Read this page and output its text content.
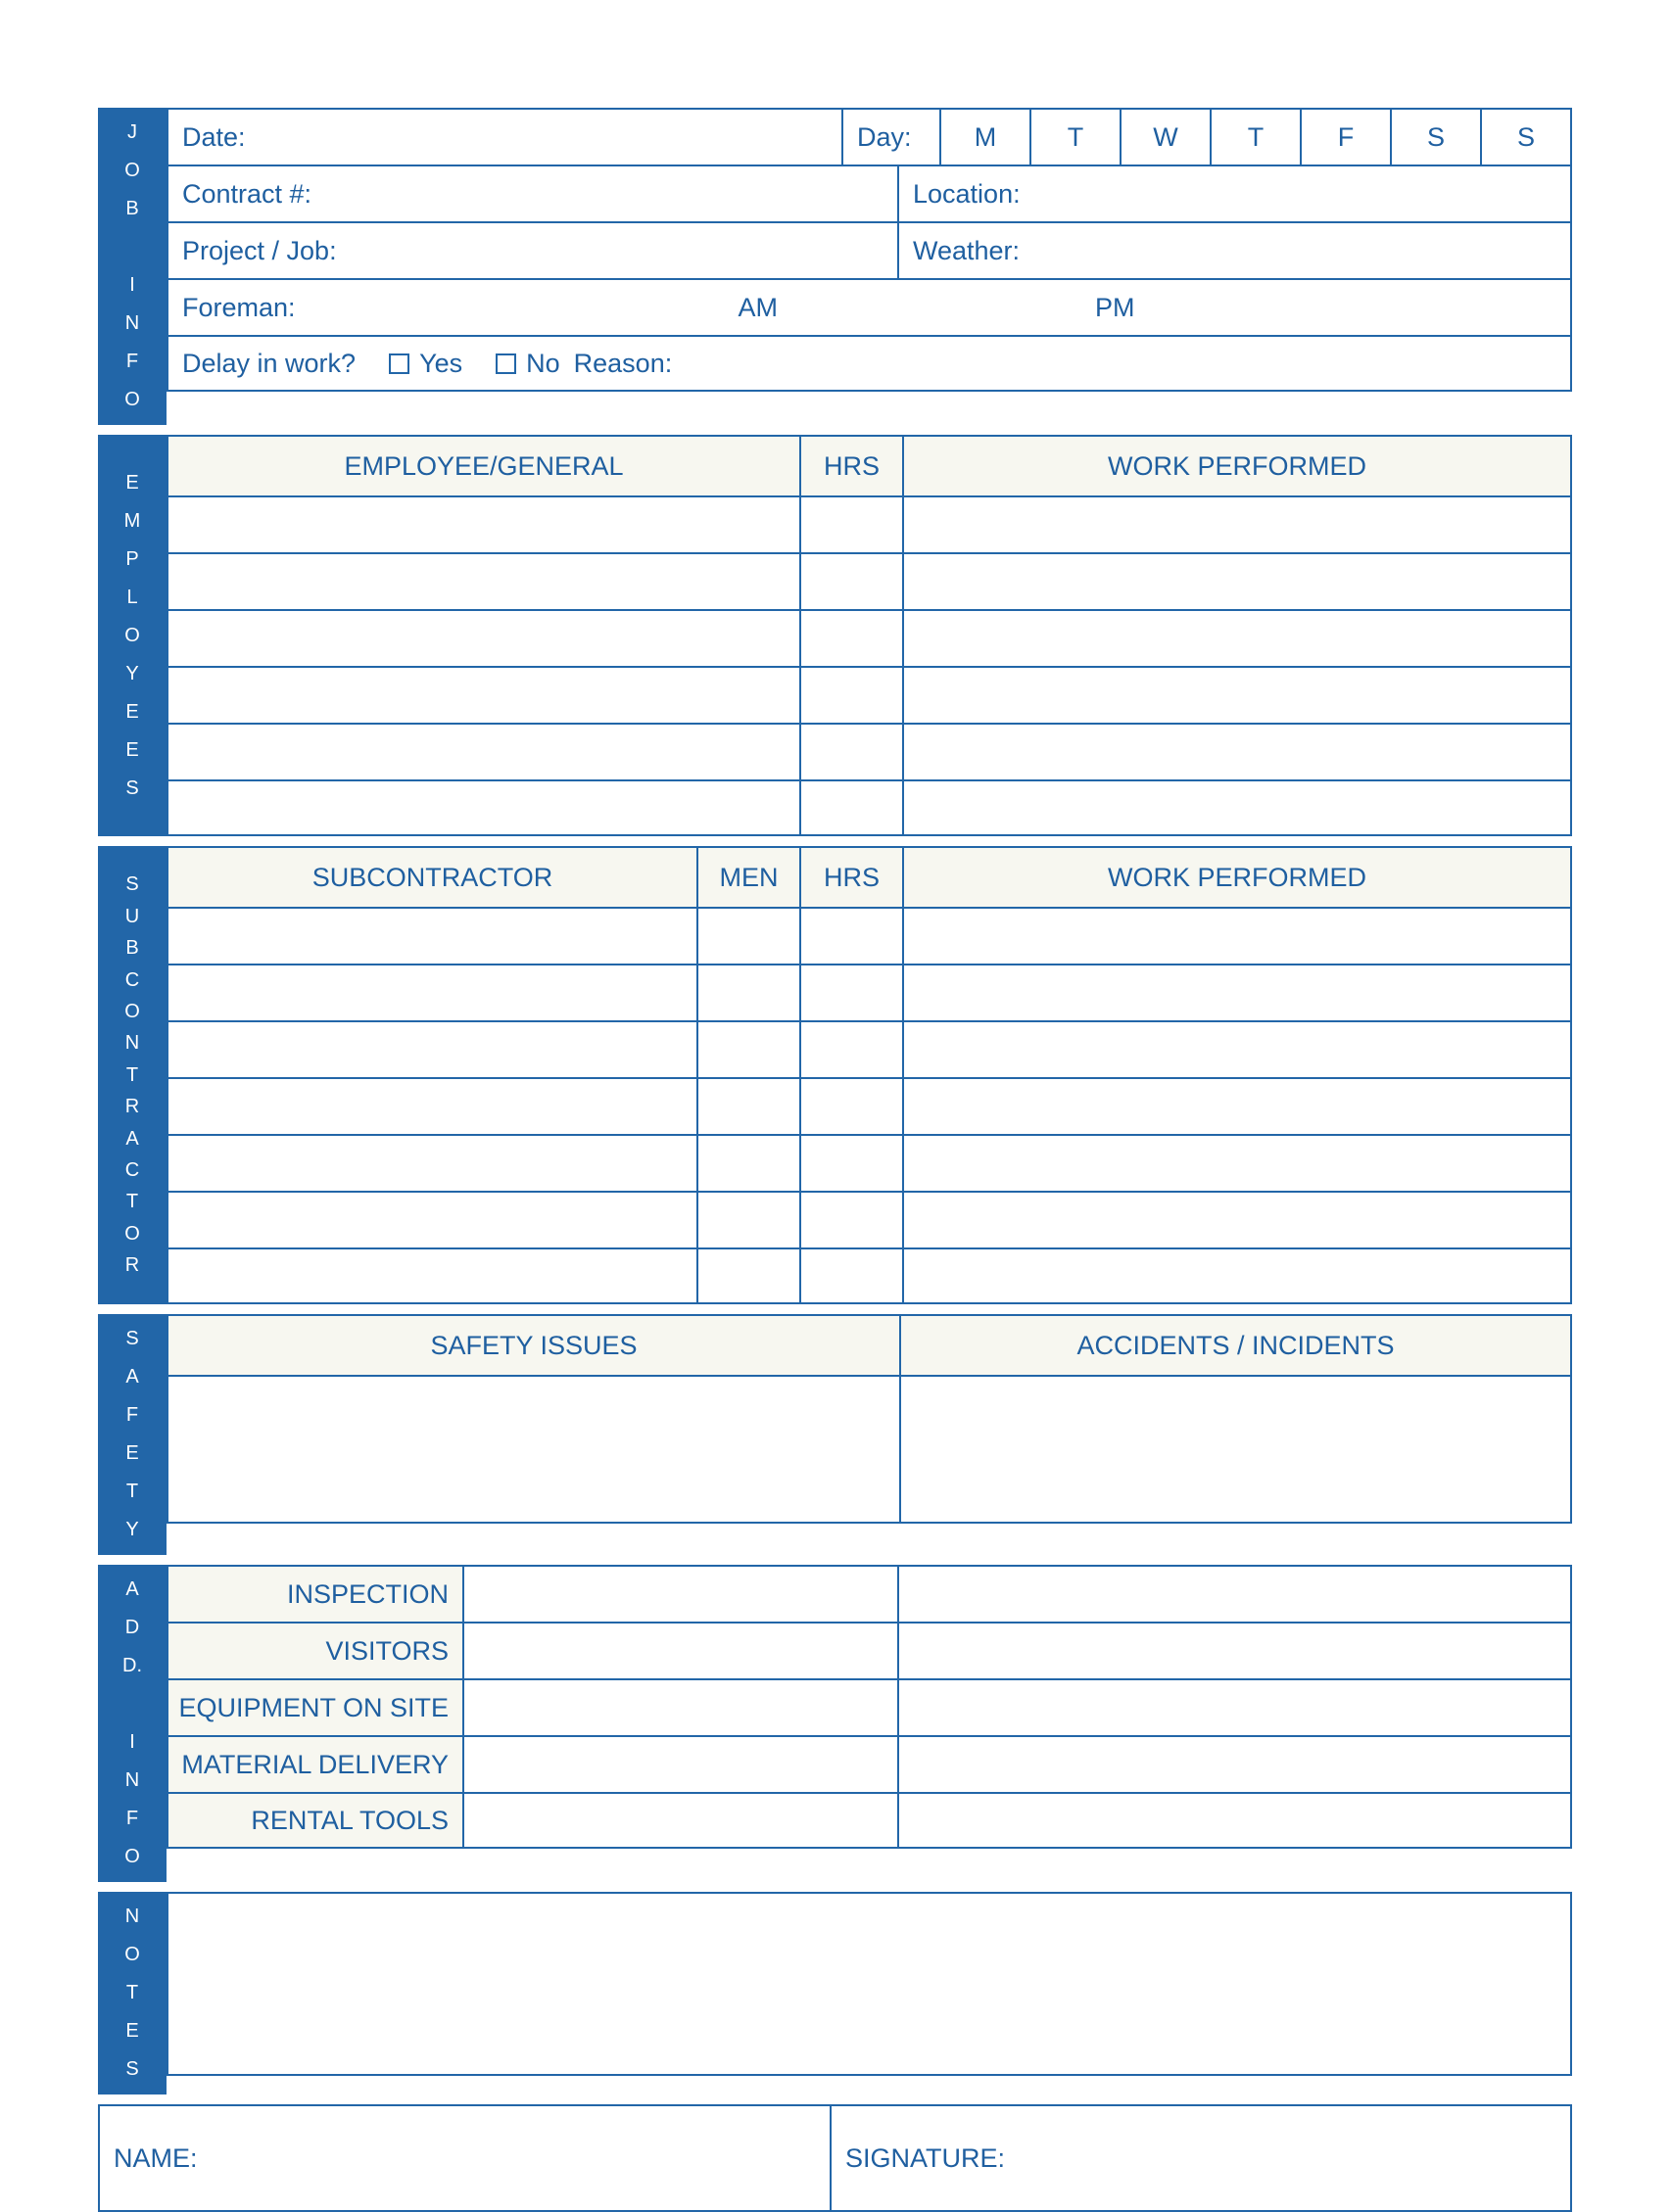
J
O
B

I
N
F
O
Date:	Day: M	T	W	T	F	S	S
Contract #:	Location:
Project / Job:	Weather:
Foreman:	AM	PM
Delay in work? Yes No Reason:
E
M
P
L
O
Y
E
E
S
EMPLOYEE/GENERAL	HRS	WORK PERFORMED
S
U
B
C
O
N
T
R
A
C
T
O
R
SUBCONTRACTOR	MEN	HRS	WORK PERFORMED
S
A
F
E
T
Y
SAFETY ISSUES	ACCIDENTS / INCIDENTS
A
D
D.

I
N
F
O
INSPECTION
VISITORS
EQUIPMENT ON SITE
MATERIAL DELIVERY
RENTAL TOOLS
N
O
T
E
S
NAME:	SIGNATURE:
